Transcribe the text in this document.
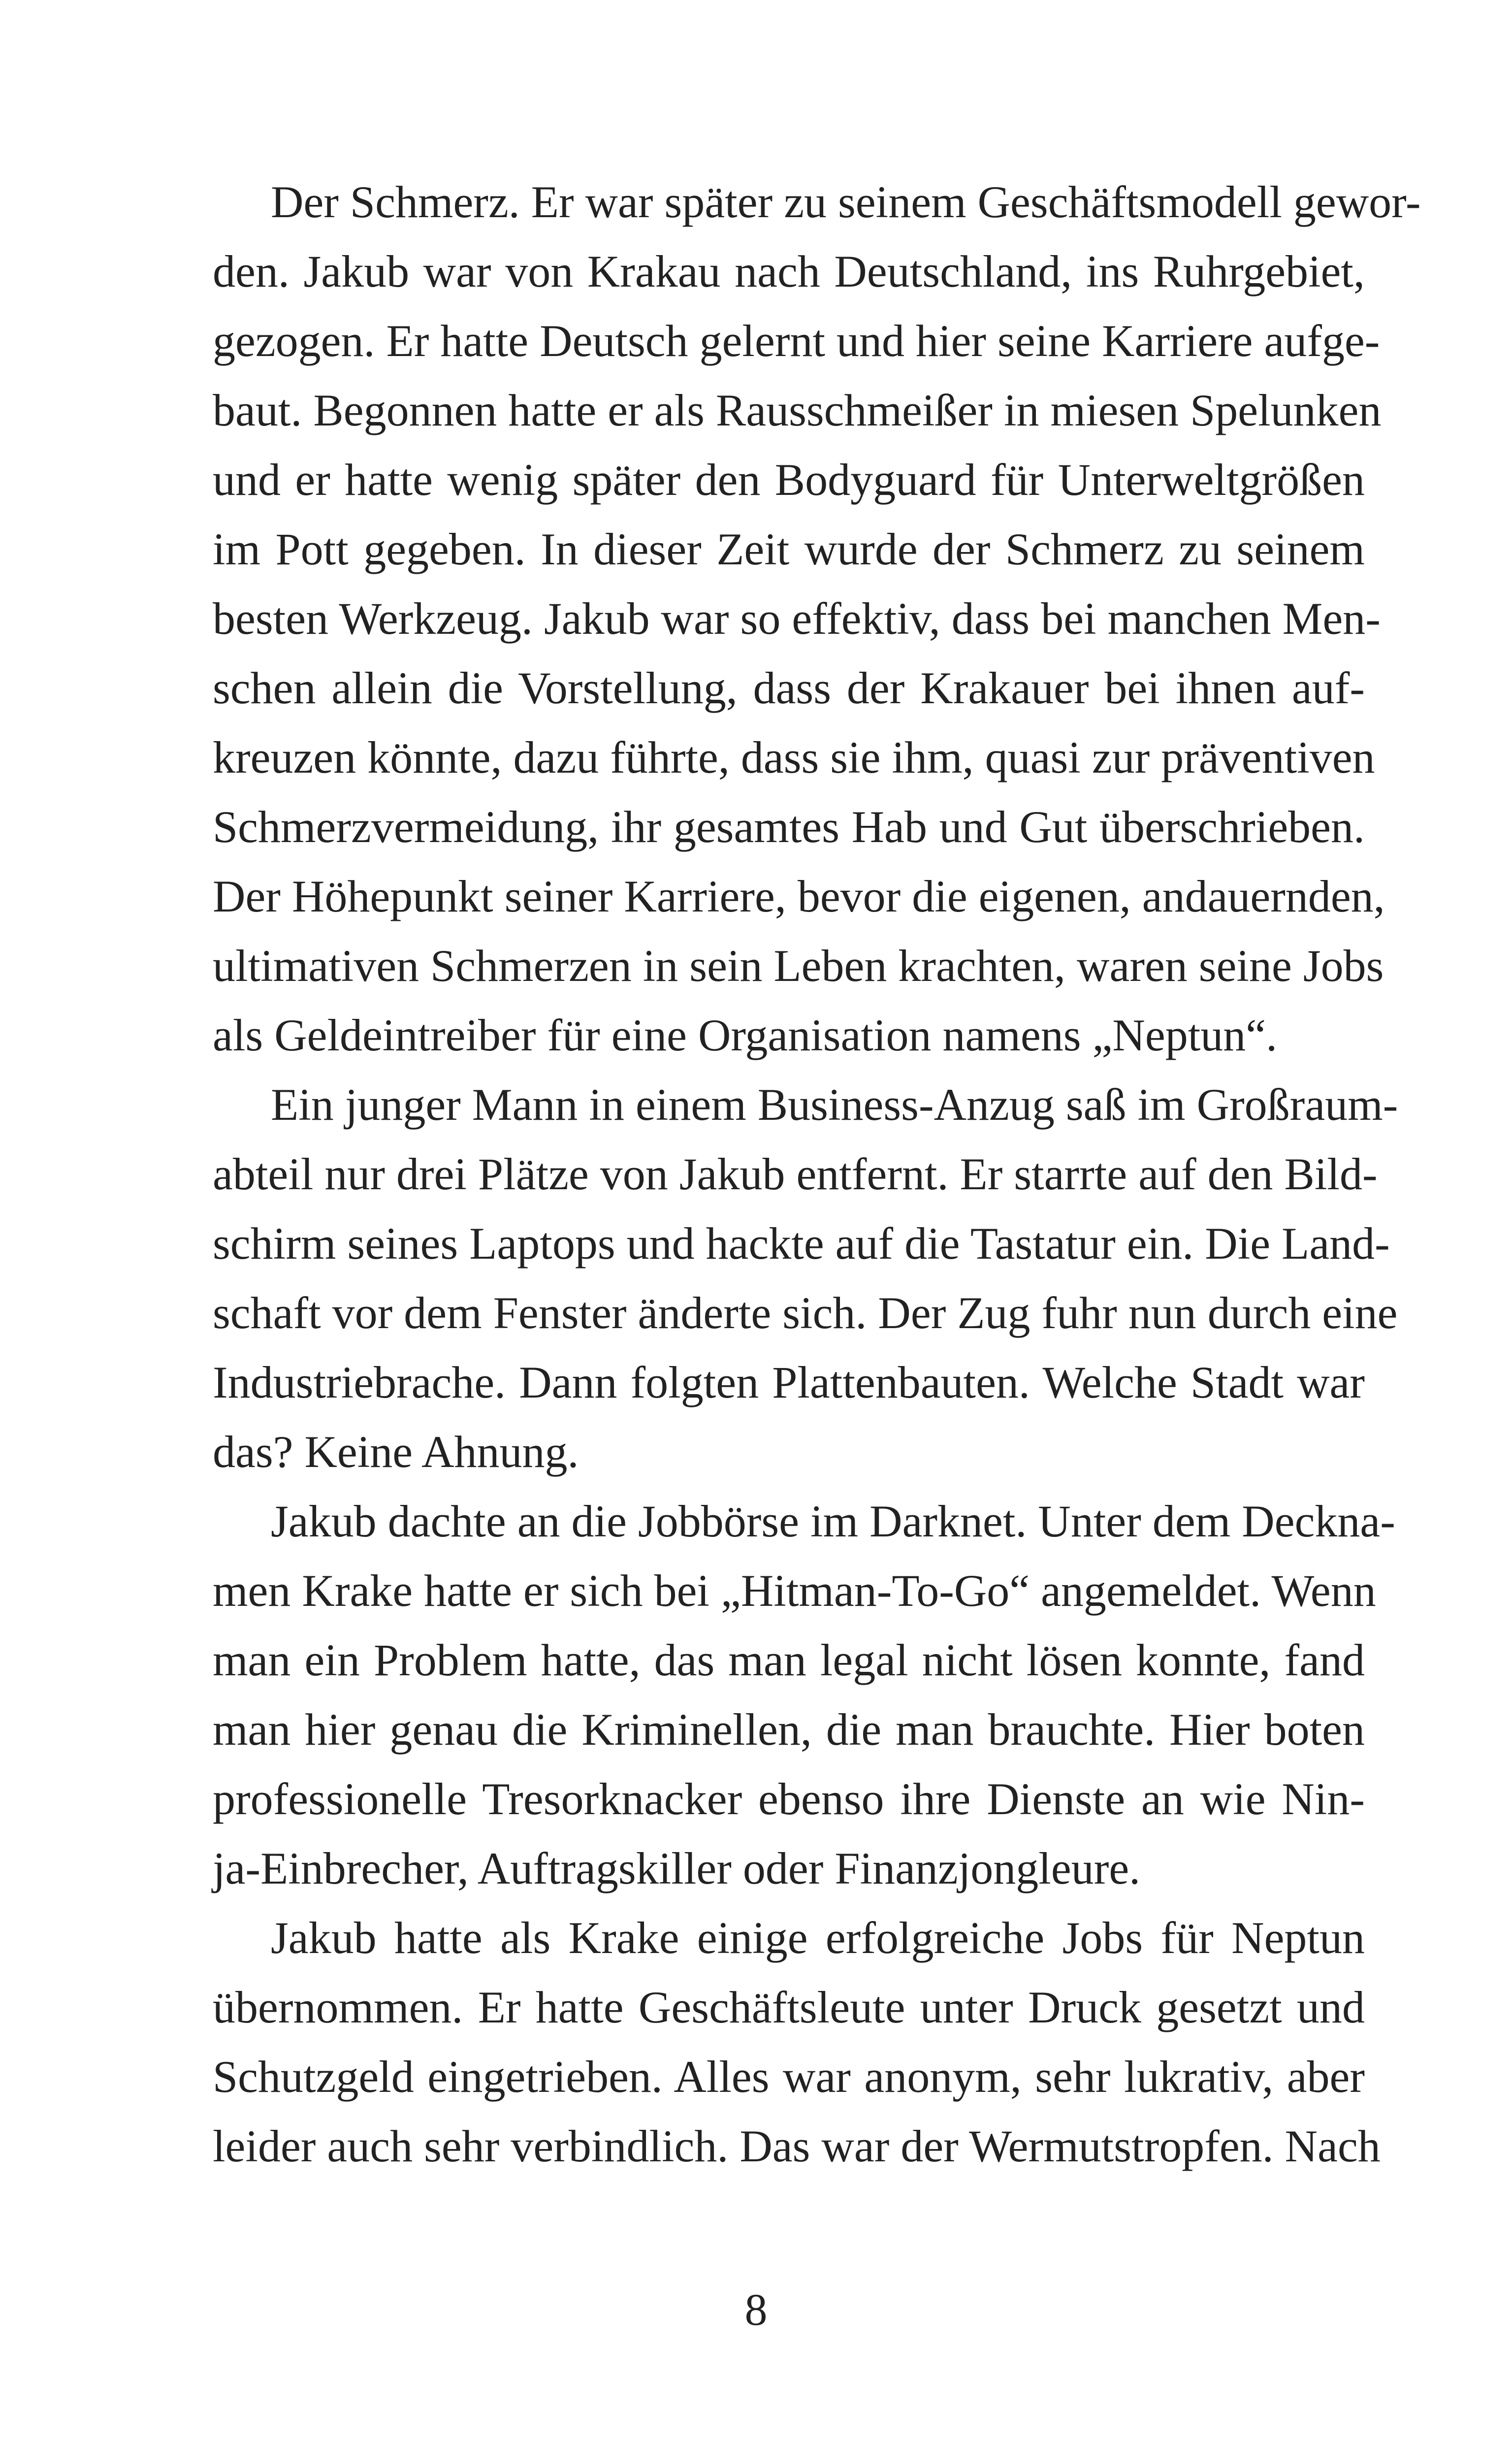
Der Schmerz. Er war später zu seinem Geschäftsmodell gewor-
den. Jakub war von Krakau nach Deutschland, ins Ruhrgebiet,
gezogen. Er hatte Deutsch gelernt und hier seine Karriere aufge-
baut. Begonnen hatte er als Rausschmeißer in miesen Spelunken
und er hatte wenig später den Bodyguard für Unterweltgrößen
im Pott gegeben. In dieser Zeit wurde der Schmerz zu seinem
besten Werkzeug. Jakub war so effektiv, dass bei manchen Men-
schen allein die Vorstellung, dass der Krakauer bei ihnen auf-
kreuzen könnte, dazu führte, dass sie ihm, quasi zur präventiven
Schmerzvermeidung, ihr gesamtes Hab und Gut überschrieben.
Der Höhepunkt seiner Karriere, bevor die eigenen, andauernden,
ultimativen Schmerzen in sein Leben krachten, waren seine Jobs
als Geldeintreiber für eine Organisation namens „Neptun“.
Ein junger Mann in einem Business-Anzug saß im Großraum-
abteil nur drei Plätze von Jakub entfernt. Er starrte auf den Bild-
schirm seines Laptops und hackte auf die Tastatur ein. Die Land-
schaft vor dem Fenster änderte sich. Der Zug fuhr nun durch eine
Industriebrache. Dann folgten Plattenbauten. Welche Stadt war
das? Keine Ahnung.
Jakub dachte an die Jobbörse im Darknet. Unter dem Deckna-
men Krake hatte er sich bei „Hitman-To-Go“ angemeldet. Wenn
man ein Problem hatte, das man legal nicht lösen konnte, fand
man hier genau die Kriminellen, die man brauchte. Hier boten
professionelle Tresorknacker ebenso ihre Dienste an wie Nin-
ja-Einbrecher, Auftragskiller oder Finanzjongleure.
Jakub hatte als Krake einige erfolgreiche Jobs für Neptun
übernommen. Er hatte Geschäftsleute unter Druck gesetzt und
Schutzgeld eingetrieben. Alles war anonym, sehr lukrativ, aber
leider auch sehr verbindlich. Das war der Wermutstropfen. Nach
8
